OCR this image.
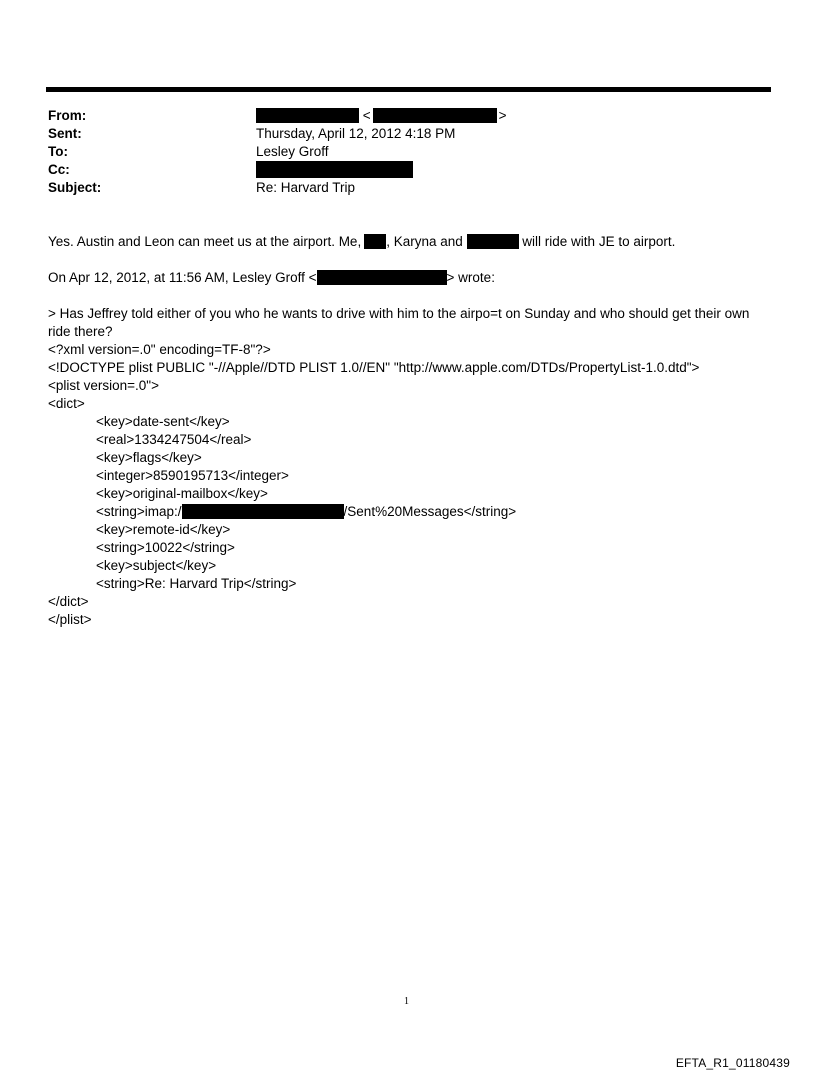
From:	<	>
Sent:	Thursday, April 12, 2012 4:18 PM
To:	Lesley Groff
Cc:
Subject:	Re: Harvard Trip
Yes. Austin and Leon can meet us at the airport. Me, , Karyna and	will ride with JE to airport.
On Apr 12, 2012, at 11:56 AM, Lesley Groff <	> wrote:
> Has Jeffrey told either of you who he wants to drive with him to the airpo=t on Sunday and who should get their own
ride there?
<?xml version=.0" encoding=TF-8"?>
<!DOCTYPE plist PUBLIC "-//Apple//DTD PLIST 1.0//EN" "http://www.apple.com/DTDs/PropertyList-1.0.dtd">
<plist version=.0">
<dict>
<key>date-sent</key>
<real>1334247504</real>
<key>flags</key>
<integer>8590195713</integer>
<key>original-mailbox</key>
<string>imap:/	/Sent%20Messages</string>
<key>remote-id</key>
<string>10022</string>
<key>subject</key>
<string>Re: Harvard Trip</string>
</dict>
</plist>
1
EFTA_R1_01180439
